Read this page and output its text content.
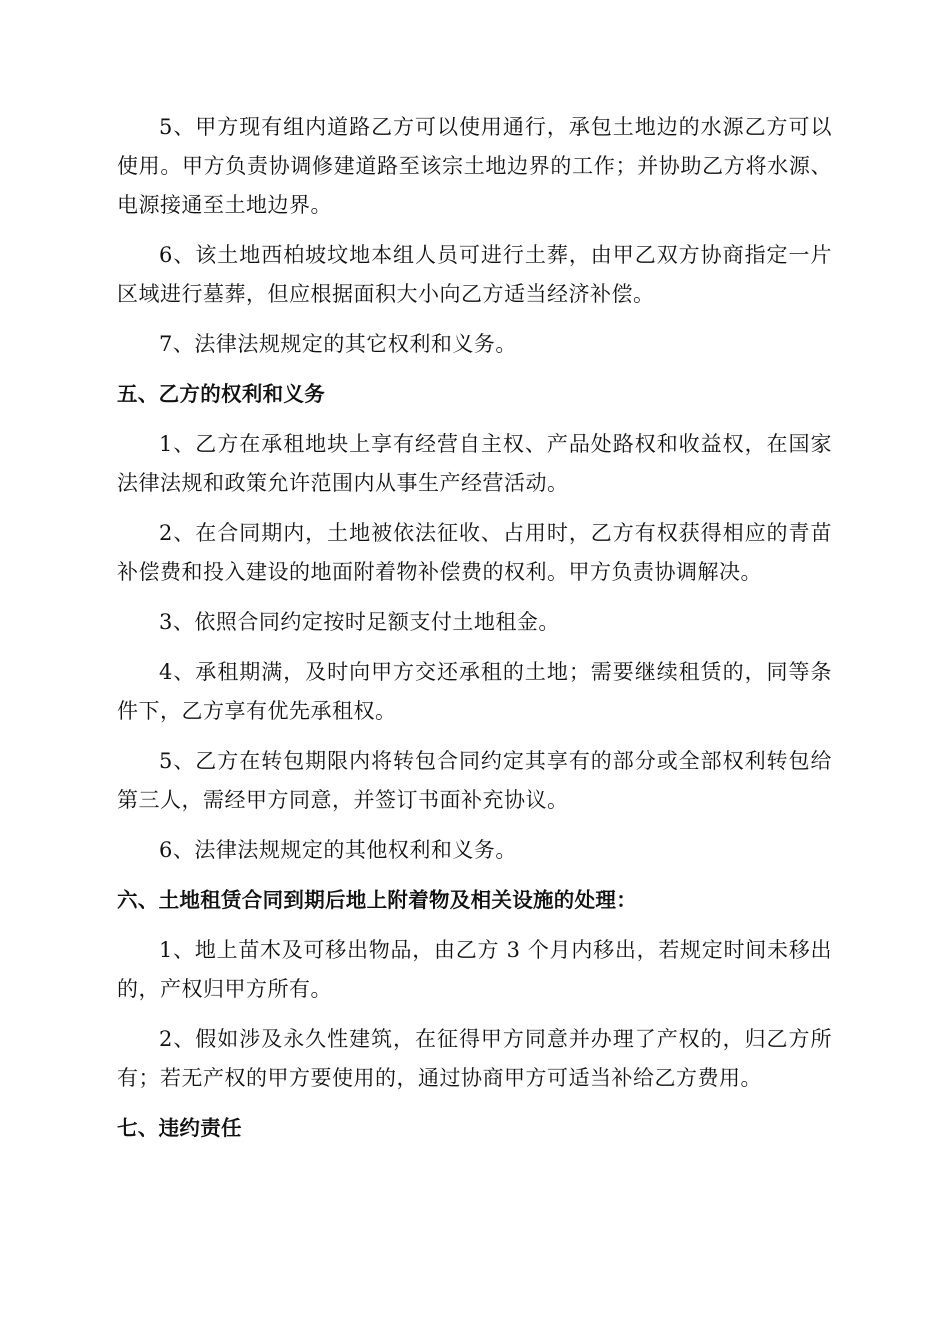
5、甲方现有组内道路乙方可以使用通行，承包土地边的水源乙方可以使用。甲方负责协调修建道路至该宗土地边界的工作；并协助乙方将水源、电源接通至土地边界。

6、该土地西柏坡坟地本组人员可进行土葬，由甲乙双方协商指定一片区域进行墓葬，但应根据面积大小向乙方适当经济补偿。

7、法律法规规定的其它权利和义务。

五、乙方的权利和义务

1、乙方在承租地块上享有经营自主权、产品处路权和收益权，在国家法律法规和政策允许范围内从事生产经营活动。

2、在合同期内，土地被依法征收、占用时，乙方有权获得相应的青苗补偿费和投入建设的地面附着物补偿费的权利。甲方负责协调解决。

3、依照合同约定按时足额支付土地租金。

4、承租期满，及时向甲方交还承租的土地；需要继续租赁的，同等条件下，乙方享有优先承租权。

5、乙方在转包期限内将转包合同约定其享有的部分或全部权利转包给第三人，需经甲方同意，并签订书面补充协议。

6、法律法规规定的其他权利和义务。

六、土地租赁合同到期后地上附着物及相关设施的处理：

1、地上苗木及可移出物品，由乙方 3 个月内移出，若规定时间未移出的，产权归甲方所有。

2、假如涉及永久性建筑，在征得甲方同意并办理了产权的，归乙方所有；若无产权的甲方要使用的，通过协商甲方可适当补给乙方费用。

七、违约责任
